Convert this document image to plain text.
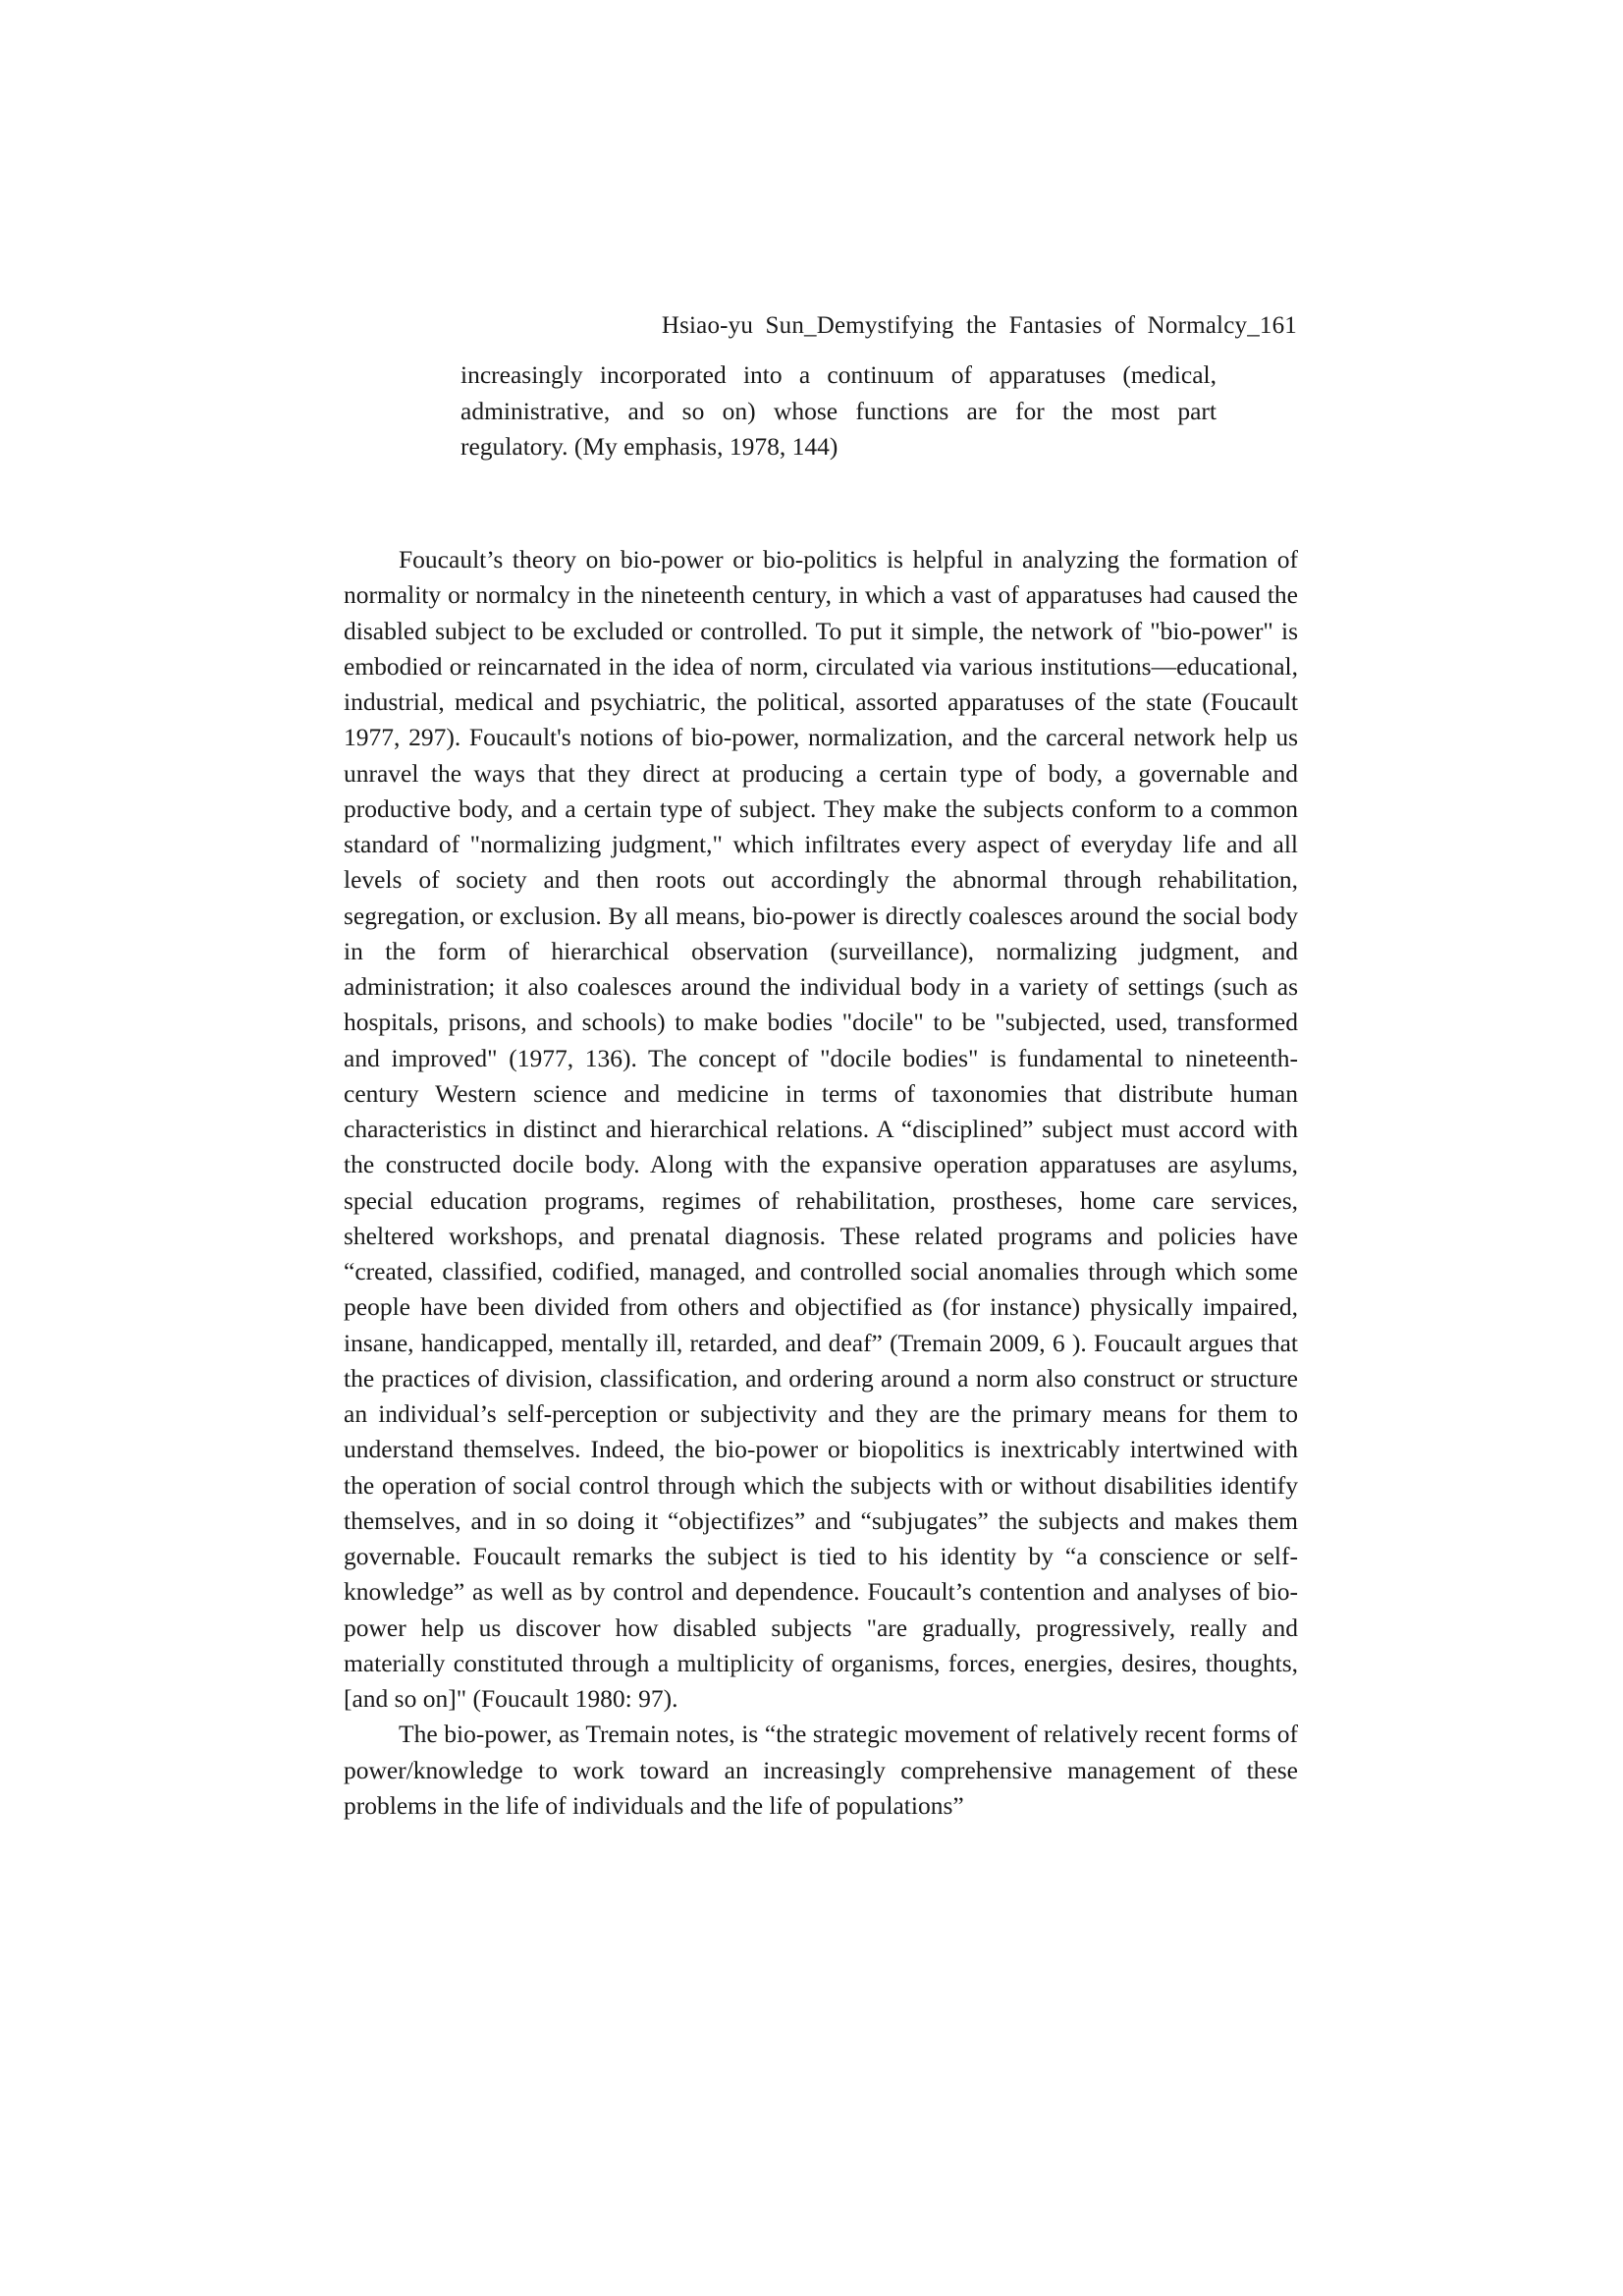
Hsiao-yu Sun_Demystifying the Fantasies of Normalcy_161
increasingly incorporated into a continuum of apparatuses (medical,
administrative, and so on) whose functions are for the most part
regulatory. (My emphasis, 1978, 144)

Foucault’s theory on bio-power or bio-politics is helpful in analyzing the formation of normality or normalcy in the nineteenth century, in which a vast of apparatuses had caused the disabled subject to be excluded or controlled. To put it simple, the network of "bio-power" is embodied or reincarnated in the idea of norm, circulated via various institutions—educational, industrial, medical and psychiatric, the political, assorted apparatuses of the state (Foucault 1977, 297). Foucault's notions of bio-power, normalization, and the carceral network help us unravel the ways that they direct at producing a certain type of body, a governable and productive body, and a certain type of subject. They make the subjects conform to a common standard of "normalizing judgment," which infiltrates every aspect of everyday life and all levels of society and then roots out accordingly the abnormal through rehabilitation, segregation, or exclusion. By all means, bio-power is directly coalesces around the social body in the form of hierarchical observation (surveillance), normalizing judgment, and administration; it also coalesces around the individual body in a variety of settings (such as hospitals, prisons, and schools) to make bodies "docile" to be "subjected, used, transformed and improved" (1977, 136). The concept of "docile bodies" is fundamental to nineteenth-century Western science and medicine in terms of taxonomies that distribute human characteristics in distinct and hierarchical relations. A “disciplined” subject must accord with the constructed docile body. Along with the expansive operation apparatuses are asylums, special education programs, regimes of rehabilitation, prostheses, home care services, sheltered workshops, and prenatal diagnosis. These related programs and policies have “created, classified, codified, managed, and controlled social anomalies through which some people have been divided from others and objectified as (for instance) physically impaired, insane, handicapped, mentally ill, retarded, and deaf” (Tremain 2009, 6 ). Foucault argues that the practices of division, classification, and ordering around a norm also construct or structure an individual’s self-perception or subjectivity and they are the primary means for them to understand themselves. Indeed, the bio-power or biopolitics is inextricably intertwined with the operation of social control through which the subjects with or without disabilities identify themselves, and in so doing it “objectifizes” and “subjugates” the subjects and makes them governable. Foucault remarks the subject is tied to his identity by “a conscience or self-knowledge” as well as by control and dependence. Foucault’s contention and analyses of bio-power help us discover how disabled subjects "are gradually, progressively, really and materially constituted through a multiplicity of organisms, forces, energies, desires, thoughts, [and so on]" (Foucault 1980: 97).

The bio-power, as Tremain notes, is “the strategic movement of relatively recent forms of power/knowledge to work toward an increasingly comprehensive management of these problems in the life of individuals and the life of populations”
